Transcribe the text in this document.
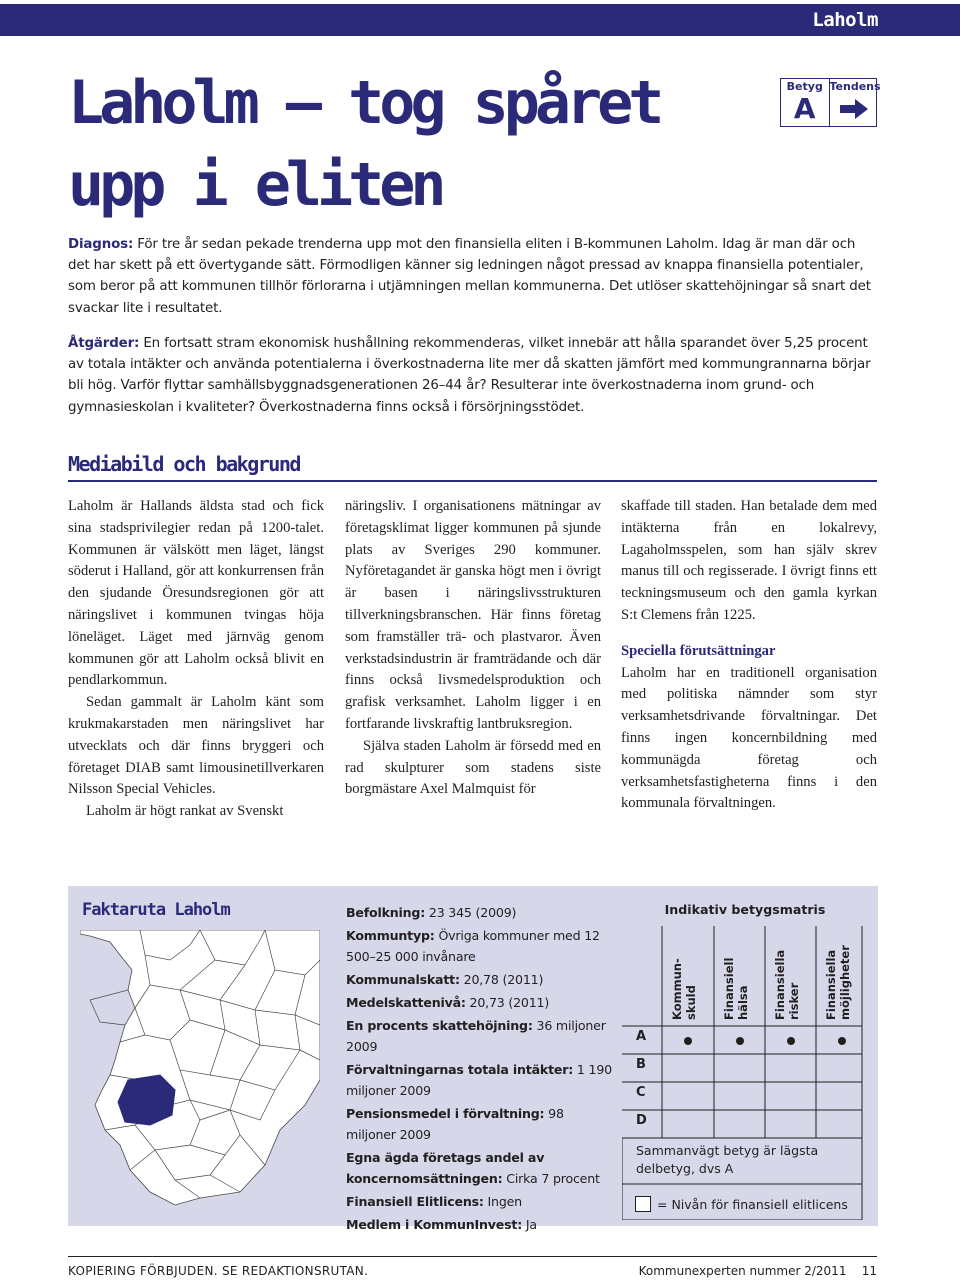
Laholm
Laholm – tog spåret
upp i eliten
Betyg
A
Tendens

Diagnos: För tre år sedan pekade trenderna upp mot den finansiella eliten i B-kommunen Laholm. Idag är man där och det har skett på ett övertygande sätt. Förmodligen känner sig ledningen något pressad av knappa finansiella potentialer, som beror på att kommunen tillhör förlorarna i utjämningen mellan kommunerna. Det utlöser skattehöjningar så snart det svackar lite i resultatet.

Åtgärder: En fortsatt stram ekonomisk hushållning rekommenderas, vilket innebär att hålla sparandet över 5,25 procent av totala intäkter och använda potentialerna i överkostnaderna lite mer då skatten jämfört med kommungrannarna börjar bli hög. Varför flyttar samhällsbyggnadsgenerationen 26–44 år? Resulterar inte överkostnaderna inom grund- och gymnasieskolan i kvaliteter? Överkostnaderna finns också i försörjningsstödet.

Mediabild och bakgrund

Laholm är Hallands äldsta stad och fick sina stadsprivilegier redan på 1200-talet. Kommunen är välskött men läget, längst söderut i Halland, gör att konkurrensen från den sjudande Öresundsregionen gör att näringslivet i kommunen tvingas höja löneläget. Läget med järnväg genom kommunen gör att Laholm också blivit en pendlarkommun.

Sedan gammalt är Laholm känt som krukmakarstaden men näringslivet har utvecklats och där finns bryggeri och företaget DIAB samt limousinetillverkaren Nilsson Special Vehicles.

Laholm är högt rankat av Svenskt

näringsliv. I organisationens mätningar av företagsklimat ligger kommunen på sjunde plats av Sveriges 290 kommuner. Nyföretagandet är ganska högt men i övrigt är basen i näringslivsstrukturen tillverkningsbranschen. Här finns företag som framställer trä- och plastvaror. Även verkstadsindustrin är framträdande och där finns också livsmedelsproduktion och grafisk verksamhet. Laholm ligger i en fortfarande livskraftig lantbruksregion.

Själva staden Laholm är försedd med en rad skulpturer som stadens siste borgmästare Axel Malmquist för

skaffade till staden. Han betalade dem med intäkterna från en lokalrevy, Lagaholmsspelen, som han själv skrev manus till och regisserade. I övrigt finns ett teckningsmuseum och den gamla kyrkan S:t Clemens från 1225.

Speciella förutsättningar

Laholm har en traditionell organisation med politiska nämnder som styr verksamhetsdrivande förvaltningar. Det finns ingen koncernbildning med kommunägda företag och verksamhetsfastigheterna finns i den kommunala förvaltningen.

Faktaruta Laholm	Befolkning: 23 345 (2009)
Kommuntyp: Övriga kommuner med 12 500–25 000 invånare
Kommunalskatt: 20,78 (2011)
Medelskattenivå: 20,73 (2011)
En procents skattehöjning: 36 miljoner 2009
Förvaltningarnas totala intäkter: 1 190 miljoner 2009
Pensionsmedel i förvaltning: 98 miljoner 2009
Egna ägda företags andel av koncernomsättningen: Cirka 7 procent
Finansiell Elitlicens: Ingen
Medlem i KommunInvest: Ja
Indikativ betygsmatris
Kommun-
skuld Finansiell
hälsa Finansiella
risker Finansiella
möjligheter
A
B
C
D
Sammanvägt betyg är lägsta delbetyg, dvs A
= Nivån för finansiell elitlicens
KOPIERING FÖRBJUDEN. SE REDAKTIONSRUTAN.	Kommunexperten nummer 2/2011 11
